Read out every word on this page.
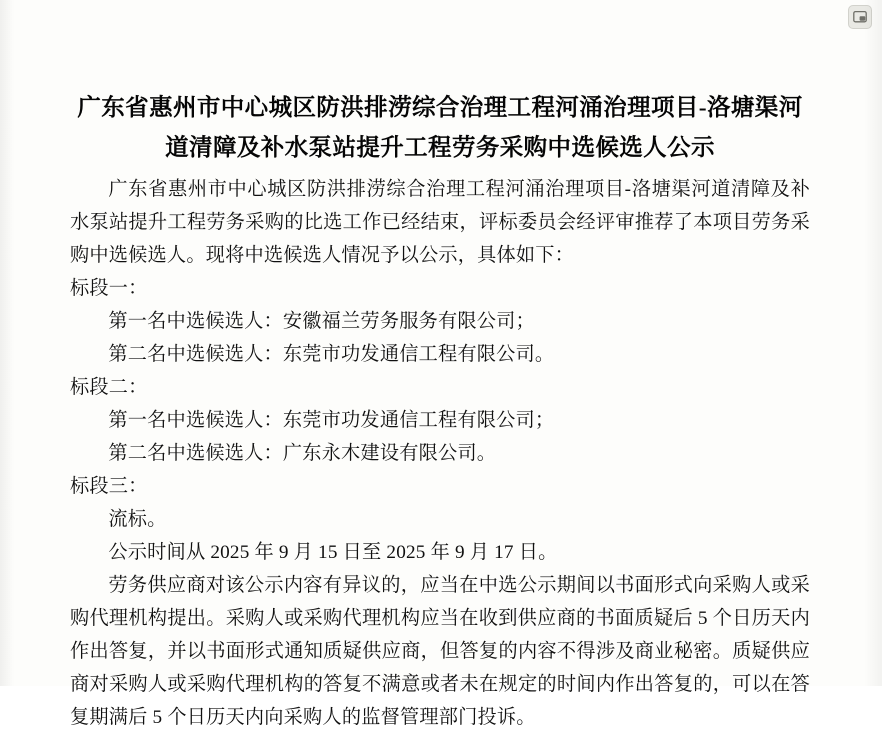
广东省惠州市中心城区防洪排涝综合治理工程河涌治理项目-洛塘渠河
道清障及补水泵站提升工程劳务采购中选候选人公示

广东省惠州市中心城区防洪排涝综合治理工程河涌治理项目-洛塘渠河道清障及补水泵站提升工程劳务采购的比选工作已经结束，评标委员会经评审推荐了本项目劳务采购中选候选人。现将中选候选人情况予以公示，具体如下：

标段一：

第一名中选候选人：安徽福兰劳务服务有限公司；

第二名中选候选人：东莞市功发通信工程有限公司。

标段二：

第一名中选候选人：东莞市功发通信工程有限公司；

第二名中选候选人：广东永木建设有限公司。

标段三：

流标。

公示时间从 2025 年 9 月 15 日至 2025 年 9 月 17 日。

劳务供应商对该公示内容有异议的，应当在中选公示期间以书面形式向采购人或采购代理机构提出。采购人或采购代理机构应当在收到供应商的书面质疑后 5 个日历天内作出答复，并以书面形式通知质疑供应商，但答复的内容不得涉及商业秘密。质疑供应商对采购人或采购代理机构的答复不满意或者未在规定的时间内作出答复的，可以在答复期满后 5 个日历天内向采购人的监督管理部门投诉。
